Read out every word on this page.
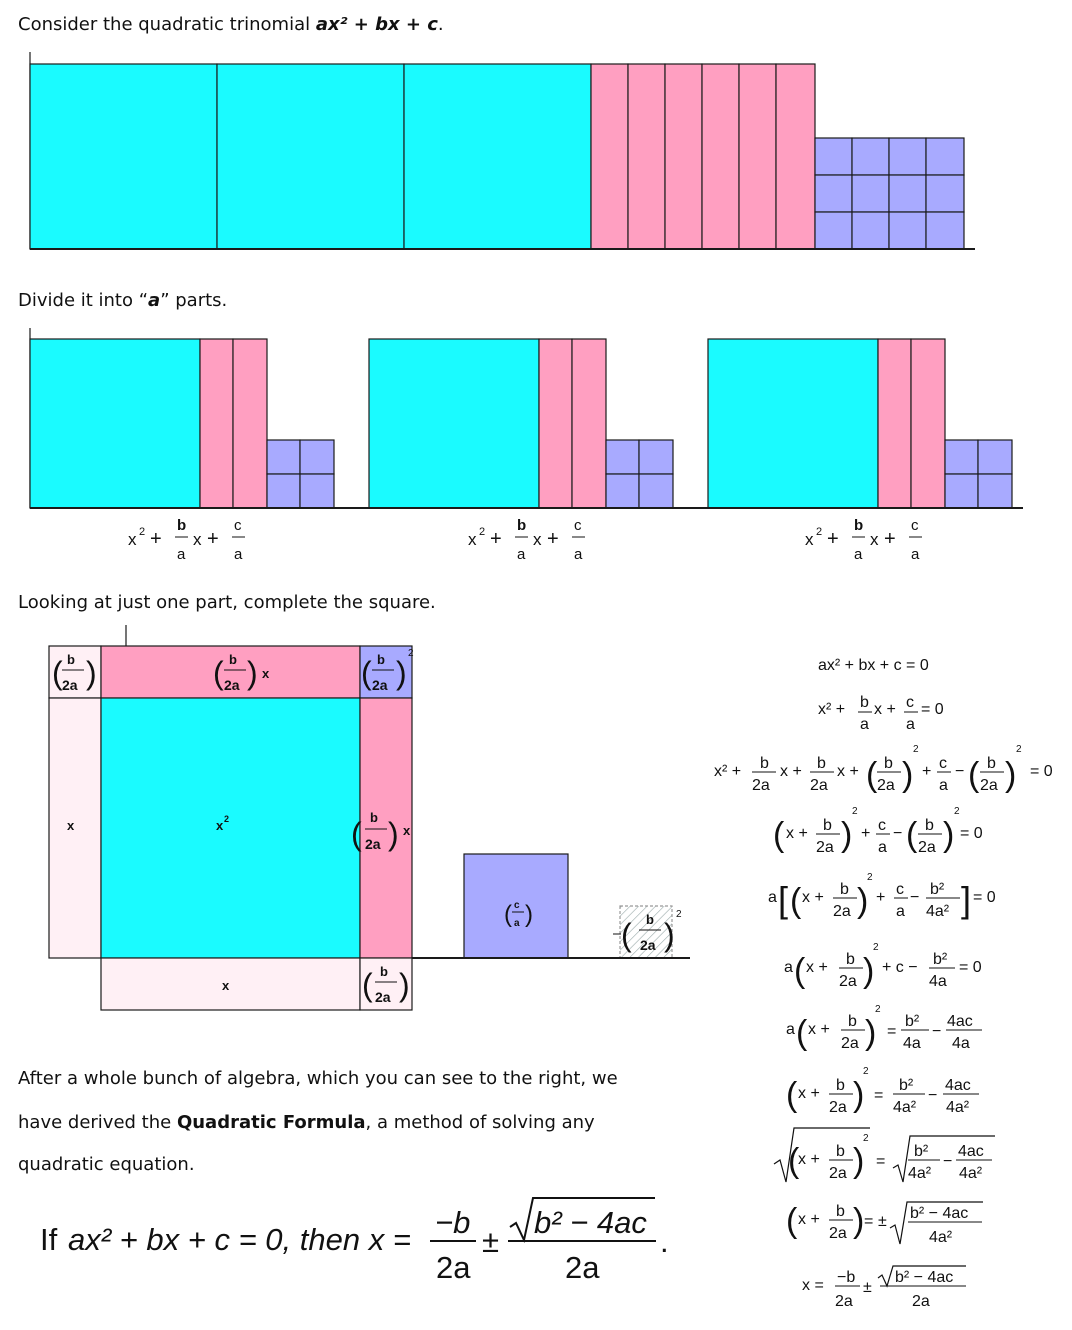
Consider the quadratic trinomial ax² + bx + c.
Divide it into “a” parts.
Looking at just one part, complete the square.
After a whole bunch of algebra, which you can see to the right, we
have derived the Quadratic Formula, a method of solving any
quadratic equation.
x 2 +
b
a
x +
c
a
x 2 +
b
a
x +
c
a
x 2 +
b
a
x +
c
a
( b
2a )	( b
2a ) x	( b
2a )
2
x	x 2	( b
2a ) x
x	( b
2a )
( c
a )
( b
2a )
2
ax² + bx + c = 0
x² + b
a
x + c
a
= 0
x² + b
2a
x + b
2a
x + ( b
2a )
2
+ c
a
− ( b
2a )
2
= 0
( x + b
2a )
2
+ c
a
− ( b
2a )
2
= 0
a [ ( x + b
2a )
2
+ c
a
− b²
4a² ] = 0
a ( x + b
2a )
2
+ c − b²
4a
= 0
a ( x + b
2a )
2
=
b²
4a
−
4ac
4a
( x + b
2a )
2
=
b²
4a²
−
4ac
4a²
(
x + b
2a )
2
=
b²
4a²
−
4ac
4a²
( x + b
2a ) = ± b² − 4ac
4a²
x = −b
2a
±
b² − 4ac
2a
If ax² + bx + c = 0, then x = −b
2a
±
b² − 4ac
2a
.
